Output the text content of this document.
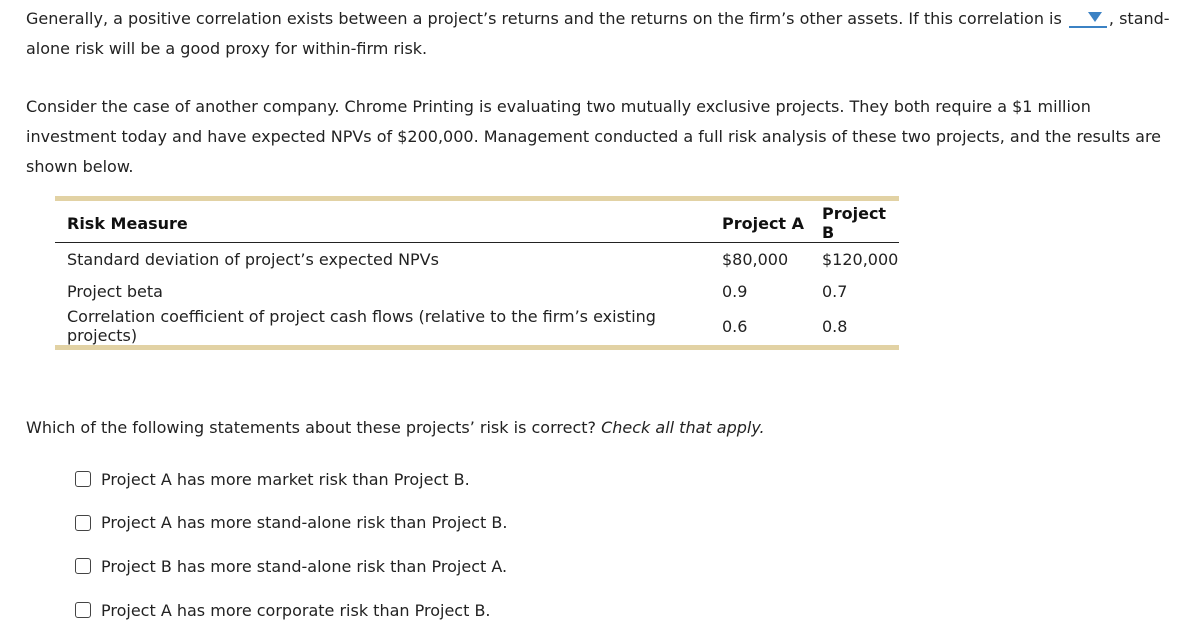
Generally, a positive correlation exists between a project’s returns and the returns on the firm’s other assets. If this correlation is	, stand-alone risk will be a good proxy for within-firm risk.

Consider the case of another company. Chrome Printing is evaluating two mutually exclusive projects. They both require a $1 million investment today and have expected NPVs of $200,000. Management conducted a full risk analysis of these two projects, and the results are shown below.

Risk Measure	Project A	Project B
Standard deviation of project’s expected NPVs	$80,000	$120,000
Project beta	0.9	0.7
Correlation coefficient of project cash flows (relative to the firm’s existing projects)	0.6	0.8

Which of the following statements about these projects’ risk is correct? Check all that apply.

Project A has more market risk than Project B.
Project A has more stand-alone risk than Project B.
Project B has more stand-alone risk than Project A.
Project A has more corporate risk than Project B.
